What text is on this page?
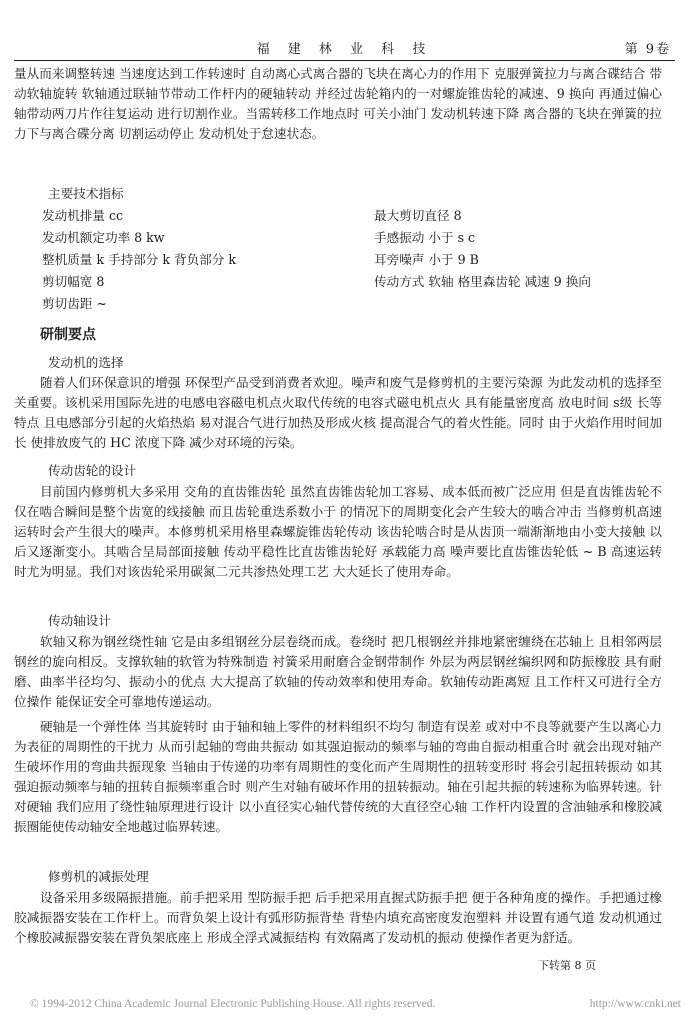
福 建 林 业 科 技	第 9卷

量从而来调整转速 当速度达到工作转速时 自动离心式离合器的飞块在离心力的作用下 克服弹簧拉力与离合碟结合 带动软轴旋转 软轴通过联轴节带动工作杆内的硬轴转动 并经过齿轮箱内的一对螺旋锥齿轮的减速、9 换向 再通过偏心轴带动两刀片作往复运动 进行切割作业。当需转移工作地点时 可关小油门 发动机转速下降 离合器的飞块在弹簧的拉力下与离合碟分离 切割运动停止 发动机处于怠速状态。

主要技术指标
发动机排量 cc
发动机额定功率 8 kw
整机质量 k 手持部分 k 背负部分 k
剪切幅宽 8
剪切齿距 ~
最大剪切直径 8
手感振动 小于 s c
耳旁噪声 小于 9 B
传动方式 软轴 格里森齿轮 减速 9 换向
研制要点
发动机的选择

随着人们环保意识的增强 环保型产品受到消费者欢迎。噪声和废气是修剪机的主要污染源 为此发动机的选择至关重要。该机采用国际先进的电感电容磁电机点火取代传统的电容式磁电机点火 具有能量密度高 放电时间 s级 长等特点 且电感部分引起的火焰热焰 易对混合气进行加热及形成火核 提高混合气的着火性能。同时 由于火焰作用时间加长 使排放废气的 HC 浓度下降 减少对环境的污染。

传动齿轮的设计

目前国内修剪机大多采用 交角的直齿锥齿轮 虽然直齿锥齿轮加工容易、成本低而被广泛应用 但是直齿锥齿轮不仅在啮合瞬间是整个齿宽的线接触 而且齿轮重迭系数小于 的情况下的周期变化会产生较大的啮合冲击 当修剪机高速运转时会产生很大的噪声。本修剪机采用格里森螺旋锥齿轮传动 该齿轮啮合时是从齿顶一端渐渐地由小变大接触 以后又逐渐变小。其啮合呈局部面接触 传动平稳性比直齿锥齿轮好 承载能力高 噪声要比直齿锥齿轮低 ~ B 高速运转时尤为明显。我们对该齿轮采用碳氮二元共渗热处理工艺 大大延长了使用寿命。

传动轴设计

软轴又称为钢丝绕性轴 它是由多组钢丝分层卷绕而成。卷绕时 把几根钢丝并排地紧密缠绕在芯轴上 且相邻两层钢丝的旋向相反。支撑软轴的软管为特殊制造 衬簧采用耐磨合金钢带制作 外层为两层钢丝编织网和防振橡胶 具有耐磨、曲率半径均匀、振动小的优点 大大提高了软轴的传动效率和使用寿命。软轴传动距离短 且工作杆又可进行全方位操作 能保证安全可靠地传递运动。

硬轴是一个弹性体 当其旋转时 由于轴和轴上零件的材料组织不均匀 制造有误差 或对中不良等就要产生以离心力为表征的周期性的干扰力 从而引起轴的弯曲共振动 如其强迫振动的频率与轴的弯曲自振动相重合时 就会出现对轴产生破坏作用的弯曲共振现象 当轴由于传递的功率有周期性的变化而产生周期性的扭转变形时 将会引起扭转振动 如其强迫振动频率与轴的扭转自振频率重合时 则产生对轴有破坏作用的扭转振动。轴在引起共振的转速称为临界转速。针对硬轴 我们应用了绕性轴原理进行设计 以小直径实心轴代替传统的大直径空心轴 工作杆内设置的含油轴承和橡胶减振圈能使传动轴安全地越过临界转速。

修剪机的减振处理

设备采用多级隔振措施。前手把采用 型防振手把 后手把采用直握式防振手把 便于各种角度的操作。手把通过橡胶减振器安装在工作杆上。而背负架上设计有弧形防振背垫 背垫内填充高密度发泡塑料 并设置有通气道 发动机通过 个橡胶减振器安装在背负架底座上 形成全浮式减振结构 有效隔离了发动机的振动 使操作者更为舒适。

下转第 8 页
© 1994-2012 China Academic Journal Electronic Publishing House. All rights reserved.	http://www.cnki.net
